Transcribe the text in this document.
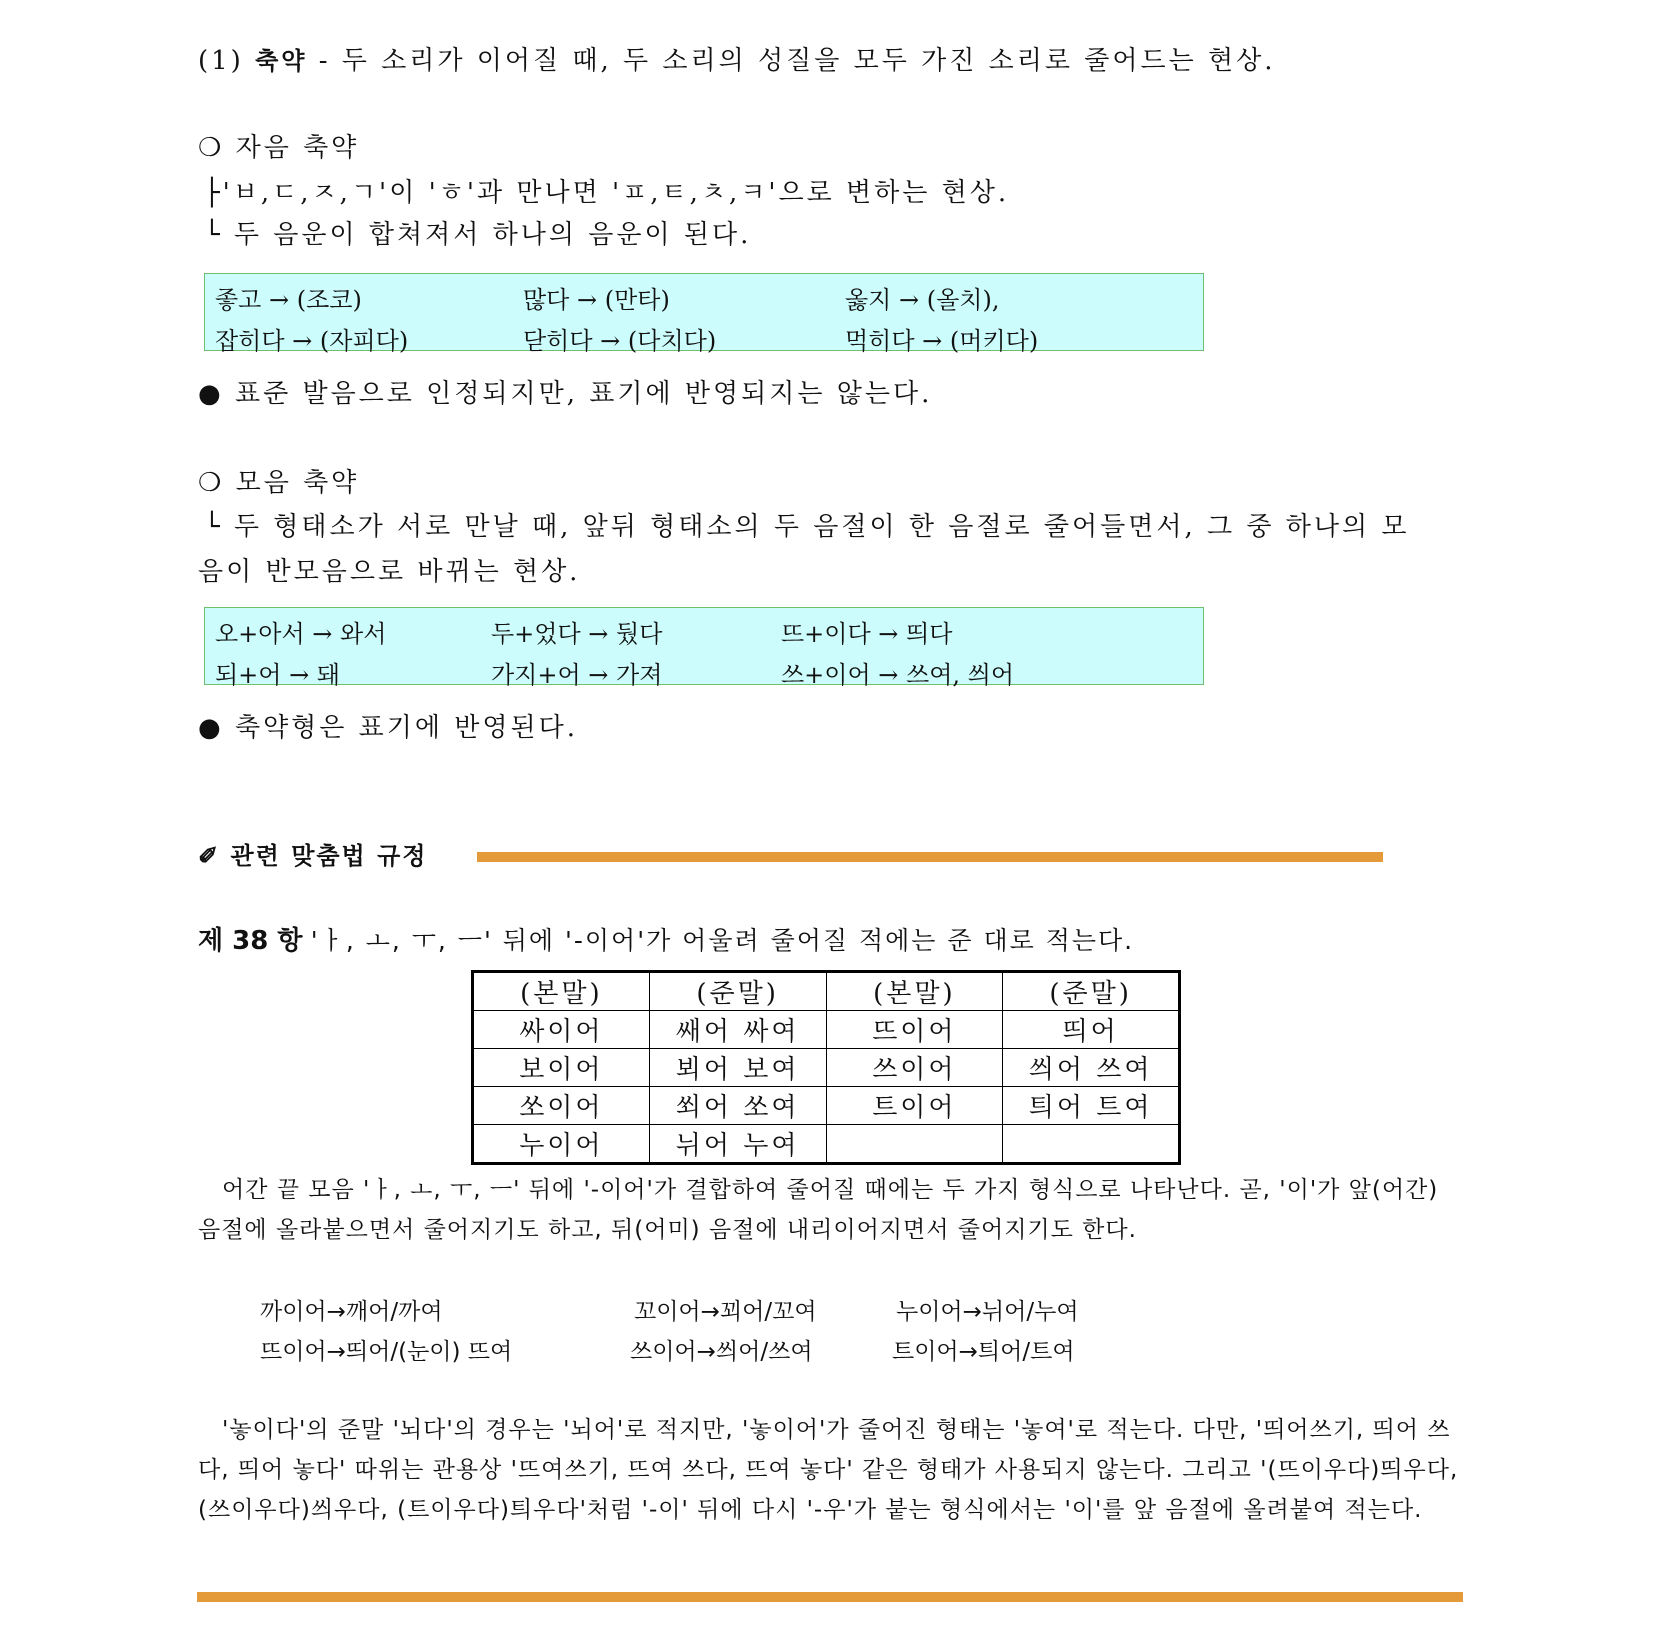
(1) 축약 - 두 소리가 이어질 때, 두 소리의 성질을 모두 가진 소리로 줄어드는 현상.
❍ 자음 축약
├'ㅂ,ㄷ,ㅈ,ㄱ'이 'ㅎ'과 만나면 'ㅍ,ㅌ,ㅊ,ㅋ'으로 변하는 현상.
└ 두 음운이 합쳐져서 하나의 음운이 된다.
좋고 → (조코)	많다 → (만타)	옳지 → (올치),
잡히다 → (자피다)	닫히다 → (다치다)	먹히다 → (머키다)
● 표준 발음으로 인정되지만, 표기에 반영되지는 않는다.
❍ 모음 축약
└ 두 형태소가 서로 만날 때, 앞뒤 형태소의 두 음절이 한 음절로 줄어들면서, 그 중 하나의 모
음이 반모음으로 바뀌는 현상.
오+아서 → 와서	두+었다 → 뒀다	뜨+이다 → 띄다
되+어 → 돼	가지+어 → 가져	쓰+이어 → 쓰여, 씌어
● 축약형은 표기에 반영된다.
✐ 관련 맞춤법 규정
제 38 항 'ㅏ, ㅗ, ㅜ, ㅡ' 뒤에 '-이어'가 어울려 줄어질 적에는 준 대로 적는다.
(본말)	(준말)	(본말)	(준말)
싸이어	쌔어 싸여	뜨이어	띄어
보이어	뵈어 보여	쓰이어	씌어 쓰여
쏘이어	쐬어 쏘여	트이어	틔어 트여
누이어	뉘어 누여		
어간 끝 모음 'ㅏ, ㅗ, ㅜ, ㅡ' 뒤에 '-이어'가 결합하여 줄어질 때에는 두 가지 형식으로 나타난다. 곧, '이'가 앞(어간) 음절에 올라붙으면서 줄어지기도 하고, 뒤(어미) 음절에 내리이어지면서 줄어지기도 한다.
까이어→깨어/까여	꼬이어→꾀어/꼬여	누이어→뉘어/누여
뜨이어→띄어/(눈이) 뜨여	쓰이어→씌어/쓰여	트이어→틔어/트여
'놓이다'의 준말 '뇌다'의 경우는 '뇌어'로 적지만, '놓이어'가 줄어진 형태는 '놓여'로 적는다. 다만, '띄어쓰기, 띄어 쓰다, 띄어 놓다' 따위는 관용상 '뜨여쓰기, 뜨여 쓰다, 뜨여 놓다' 같은 형태가 사용되지 않는다. 그리고 '(뜨이우다)띄우다, (쓰이우다)씌우다, (트이우다)틔우다'처럼 '-이' 뒤에 다시 '-우'가 붙는 형식에서는 '이'를 앞 음절에 올려붙여 적는다.
